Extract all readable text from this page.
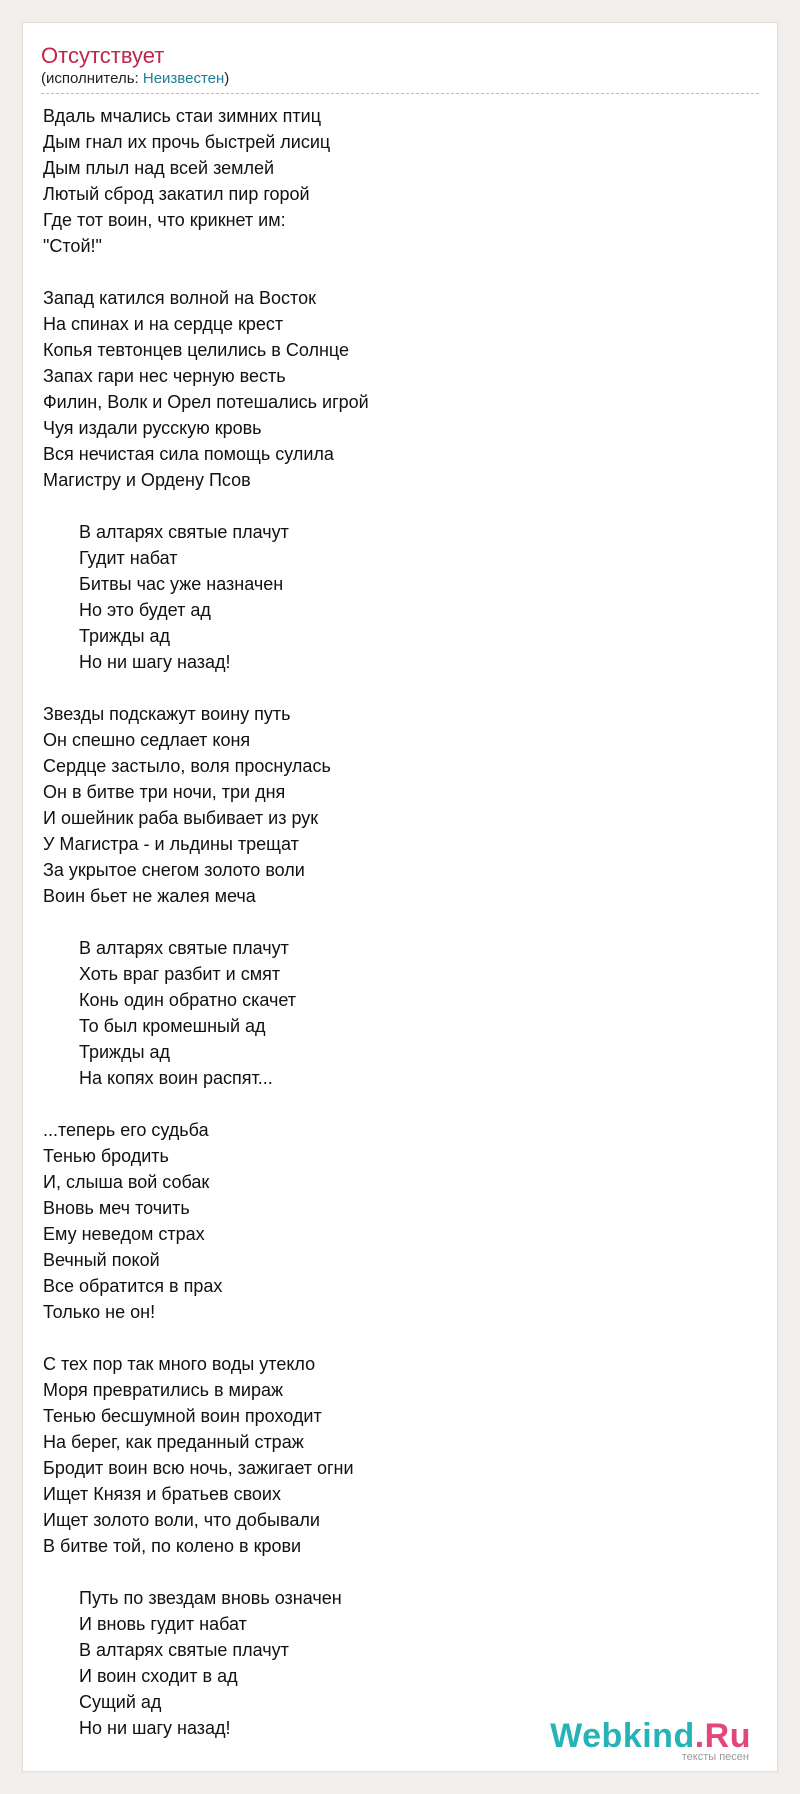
Отсутствует
(исполнитель: Неизвестен)
Вдаль мчались стаи зимних птиц
Дым гнал их прочь быстрей лисиц
Дым плыл над всей землей
Лютый сброд закатил пир горой
Где тот воин, что крикнет им:
"Стой!"
Запад катился волной на Восток
На спинах и на сердце крест
Копья тевтонцев целились в Солнце
Запах гари нес черную весть
Филин, Волк и Орел потешались игрой
Чуя издали русскую кровь
Вся нечистая сила помощь сулила
Магистру и Ордену Псов
В алтарях святые плачут
Гудит набат
Битвы час уже назначен
Но это будет ад
Трижды ад
Но ни шагу назад!
Звезды подскажут воину путь
Он спешно седлает коня
Сердце застыло, воля проснулась
Он в битве три ночи, три дня
И ошейник раба выбивает из рук
У Магистра - и льдины трещат
За укрытое снегом золото воли
Воин бьет не жалея меча
В алтарях святые плачут
Хоть враг разбит и смят
Конь один обратно скачет
То был кромешный ад
Трижды ад
На копях воин распят...
...теперь его судьба
Тенью бродить
И, слыша вой собак
Вновь меч точить
Ему неведом страх
Вечный покой
Все обратится в прах
Только не он!
С тех пор так много воды утекло
Моря превратились в мираж
Тенью бесшумной воин проходит
На берег, как преданный страж
Бродит воин всю ночь, зажигает огни
Ищет Князя и братьев своих
Ищет золото воли, что добывали
В битве той, по колено в крови
Путь по звездам вновь означен
И вновь гудит набат
В алтарях святые плачут
И воин сходит в ад
Сущий ад
Но ни шагу назад!	Webkind.Ru
тексты песен
